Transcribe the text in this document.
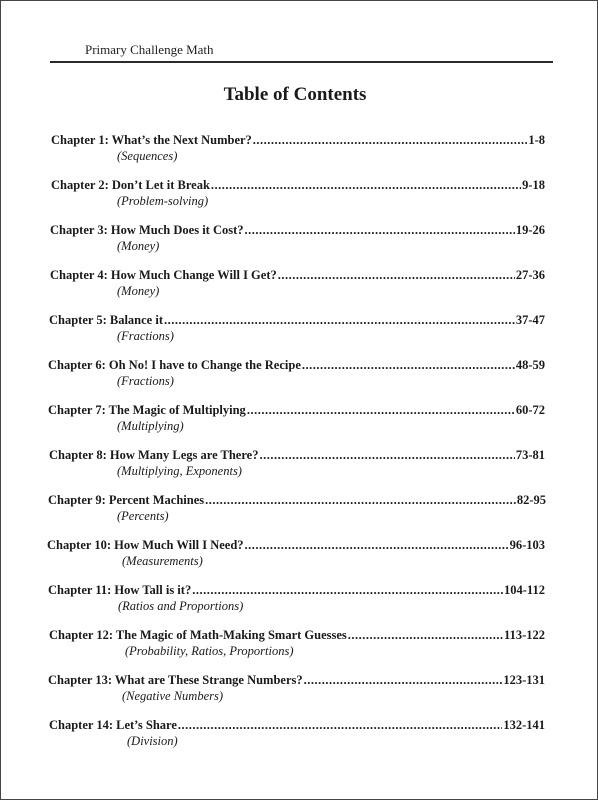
Primary Challenge Math
Table of Contents
Chapter 1: What’s the Next Number? .....	1-8
(Sequences)
Chapter 2: Don’t Let it Break .....	9-18
(Problem-solving)
Chapter 3: How Much Does it Cost? .....	19-26
(Money)
Chapter 4: How Much Change Will I Get? .....	27-36
(Money)
Chapter 5: Balance it .....	37-47
(Fractions)
Chapter 6: Oh No! I have to Change the Recipe .....	48-59
(Fractions)
Chapter 7: The Magic of Multiplying .....	60-72
(Multiplying)
Chapter 8: How Many Legs are There? .....	73-81
(Multiplying, Exponents)
Chapter 9: Percent Machines .....	82-95
(Percents)
Chapter 10: How Much Will I Need? .....	96-103
(Measurements)
Chapter 11: How Tall is it? .....	104-112
(Ratios and Proportions)
Chapter 12: The Magic of Math-Making Smart Guesses .....	113-122
(Probability, Ratios, Proportions)
Chapter 13: What are These Strange Numbers? .....	123-131
(Negative Numbers)
Chapter 14: Let’s Share .....	132-141
(Division)
